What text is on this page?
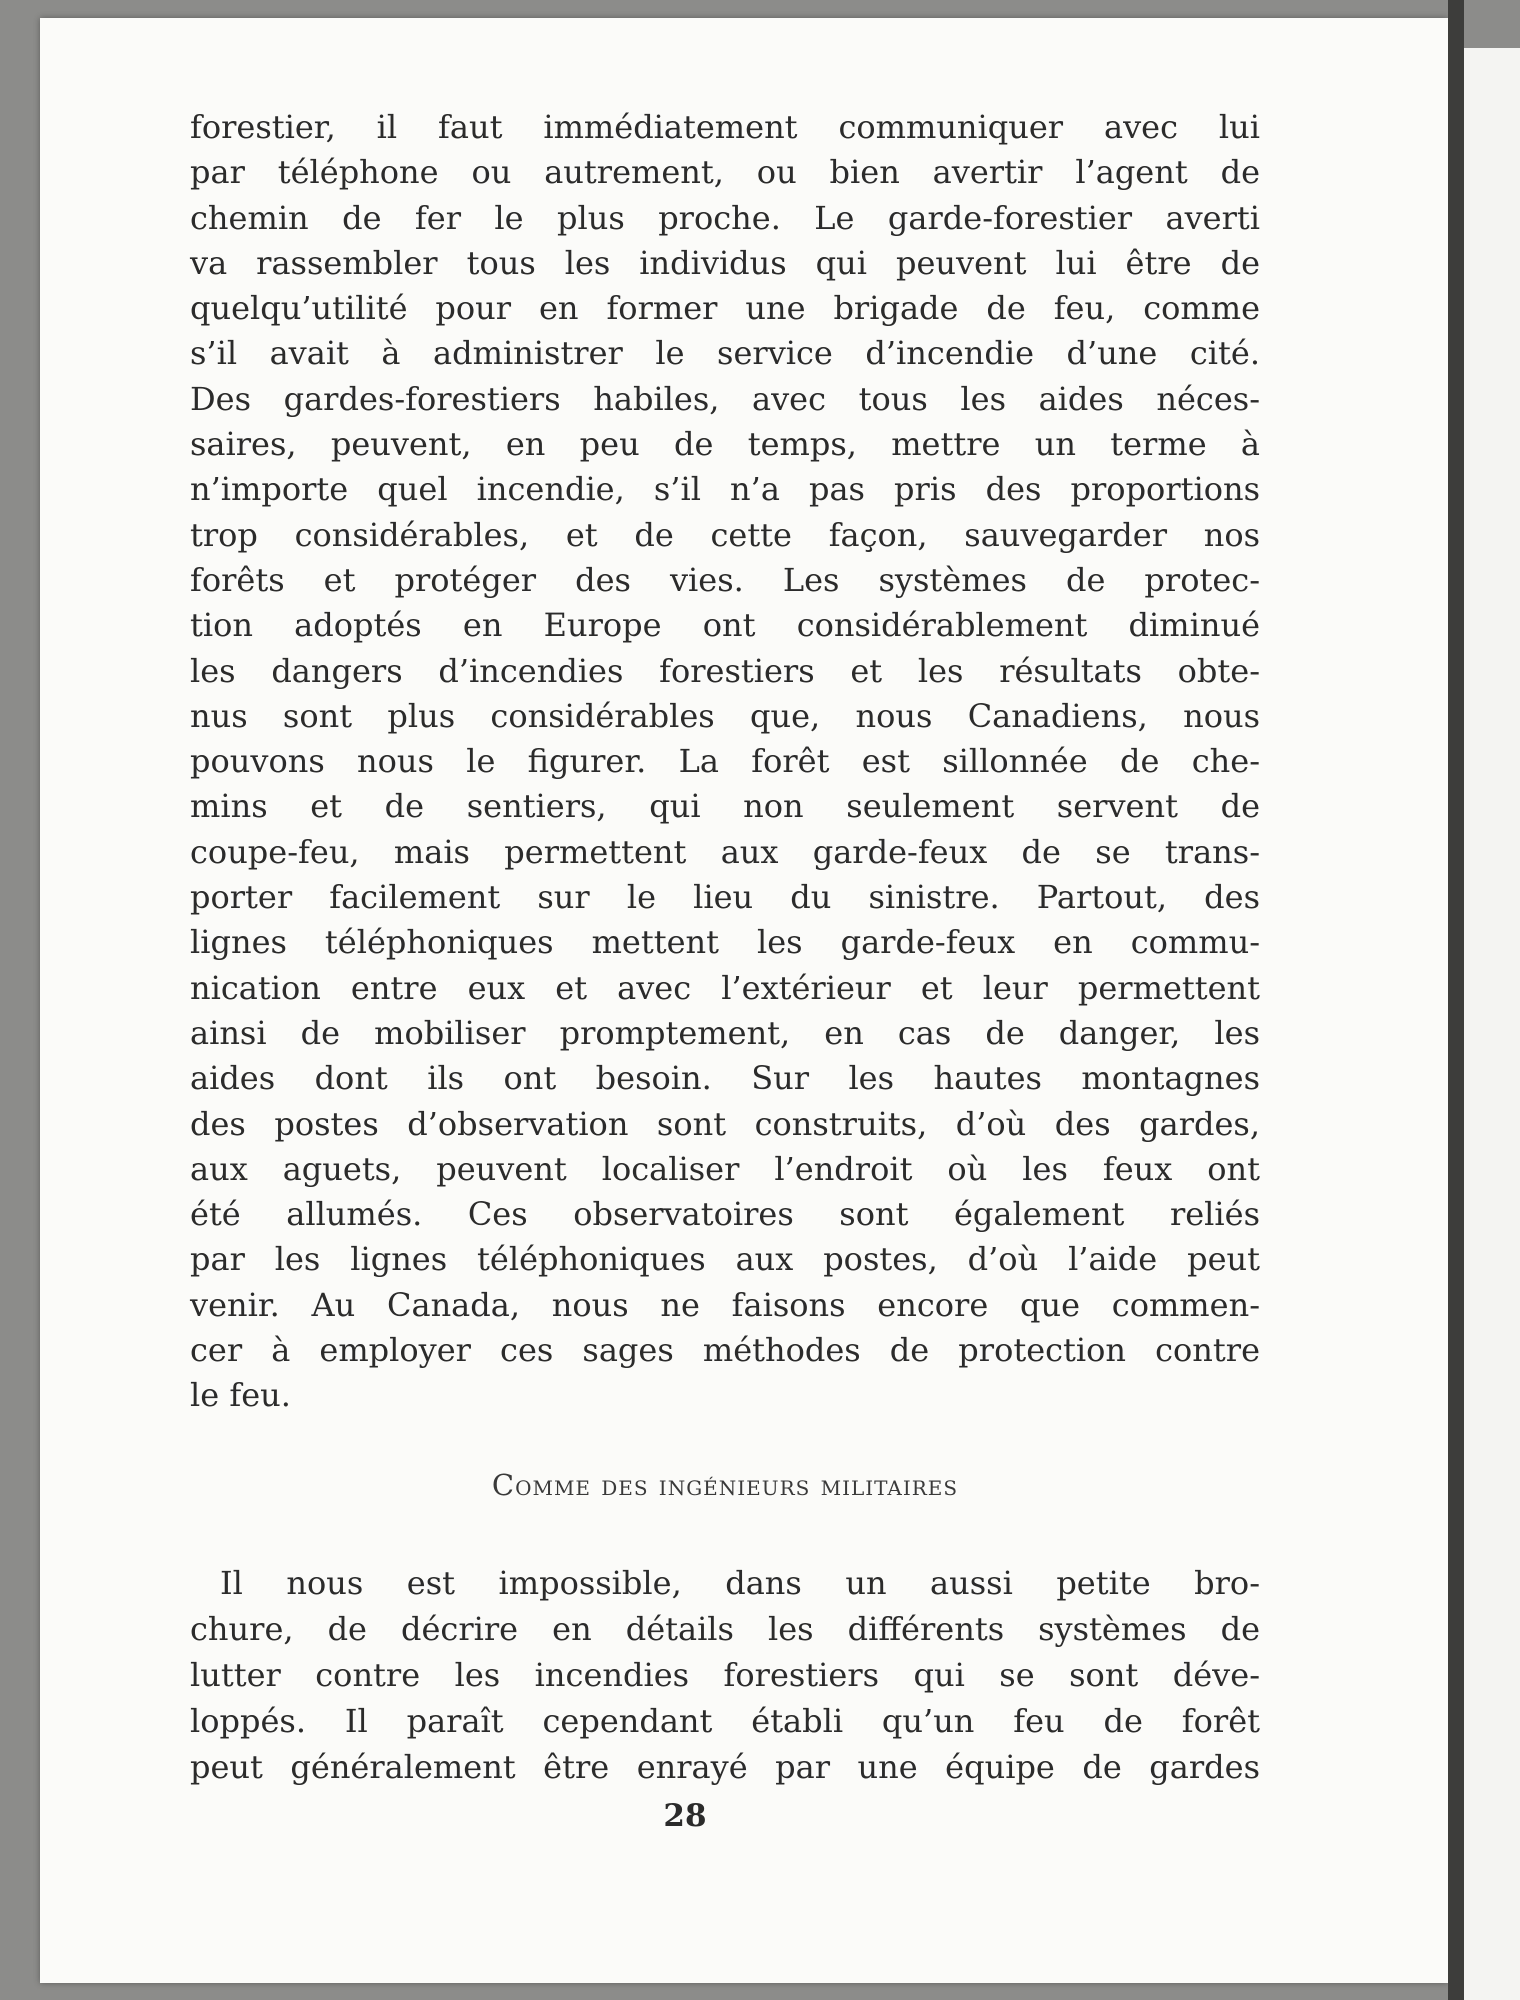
forestier, il faut immédiatement communiquer avec lui
par téléphone ou autrement, ou bien avertir l’agent de
chemin de fer le plus proche. Le garde-forestier averti
va rassembler tous les individus qui peuvent lui être de
quelqu’utilité pour en former une brigade de feu, comme
s’il avait à administrer le service d’incendie d’une cité.
Des gardes-forestiers habiles, avec tous les aides néces-
saires, peuvent, en peu de temps, mettre un terme à
n’importe quel incendie, s’il n’a pas pris des proportions
trop considérables, et de cette façon, sauvegarder nos
forêts et protéger des vies. Les systèmes de protec-
tion adoptés en Europe ont considérablement diminué
les dangers d’incendies forestiers et les résultats obte-
nus sont plus considérables que, nous Canadiens, nous
pouvons nous le figurer. La forêt est sillonnée de che-
mins et de sentiers, qui non seulement servent de
coupe-feu, mais permettent aux garde-feux de se trans-
porter facilement sur le lieu du sinistre. Partout, des
lignes téléphoniques mettent les garde-feux en commu-
nication entre eux et avec l’extérieur et leur permettent
ainsi de mobiliser promptement, en cas de danger, les
aides dont ils ont besoin. Sur les hautes montagnes
des postes d’observation sont construits, d’où des gardes,
aux aguets, peuvent localiser l’endroit où les feux ont
été allumés. Ces observatoires sont également reliés
par les lignes téléphoniques aux postes, d’où l’aide peut
venir. Au Canada, nous ne faisons encore que commen-
cer à employer ces sages méthodes de protection contre
le feu.
Comme des ingénieurs militaires
Il nous est impossible, dans un aussi petite bro-
chure, de décrire en détails les différents systèmes de
lutter contre les incendies forestiers qui se sont déve-
loppés. Il paraît cependant établi qu’un feu de forêt
peut généralement être enrayé par une équipe de gardes
28
